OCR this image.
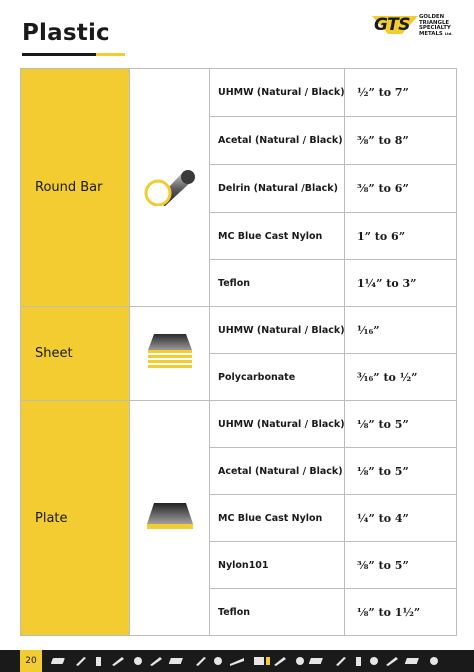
Plastic	GTS GOLDEN
TRIANGLE
SPECIALTY
METALS Ltd.
Round Bar		UHMW (Natural / Black)	½” to 7”
		Acetal (Natural / Black)	⅜” to 8”
		Delrin (Natural /Black)	⅜” to 6”
		MC Blue Cast Nylon	1” to 6”
		Teflon	1¼” to 3”
Sheet		UHMW (Natural / Black)	¹⁄₁₆”
		Polycarbonate	³⁄₁₆” to ½”
Plate		UHMW (Natural / Black)	⅛” to 5”
		Acetal (Natural / Black)	⅛” to 5”
		MC Blue Cast Nylon	¼” to 4”
		Nylon101	⅜” to 5”
		Teflon	⅛” to 1½”
20
